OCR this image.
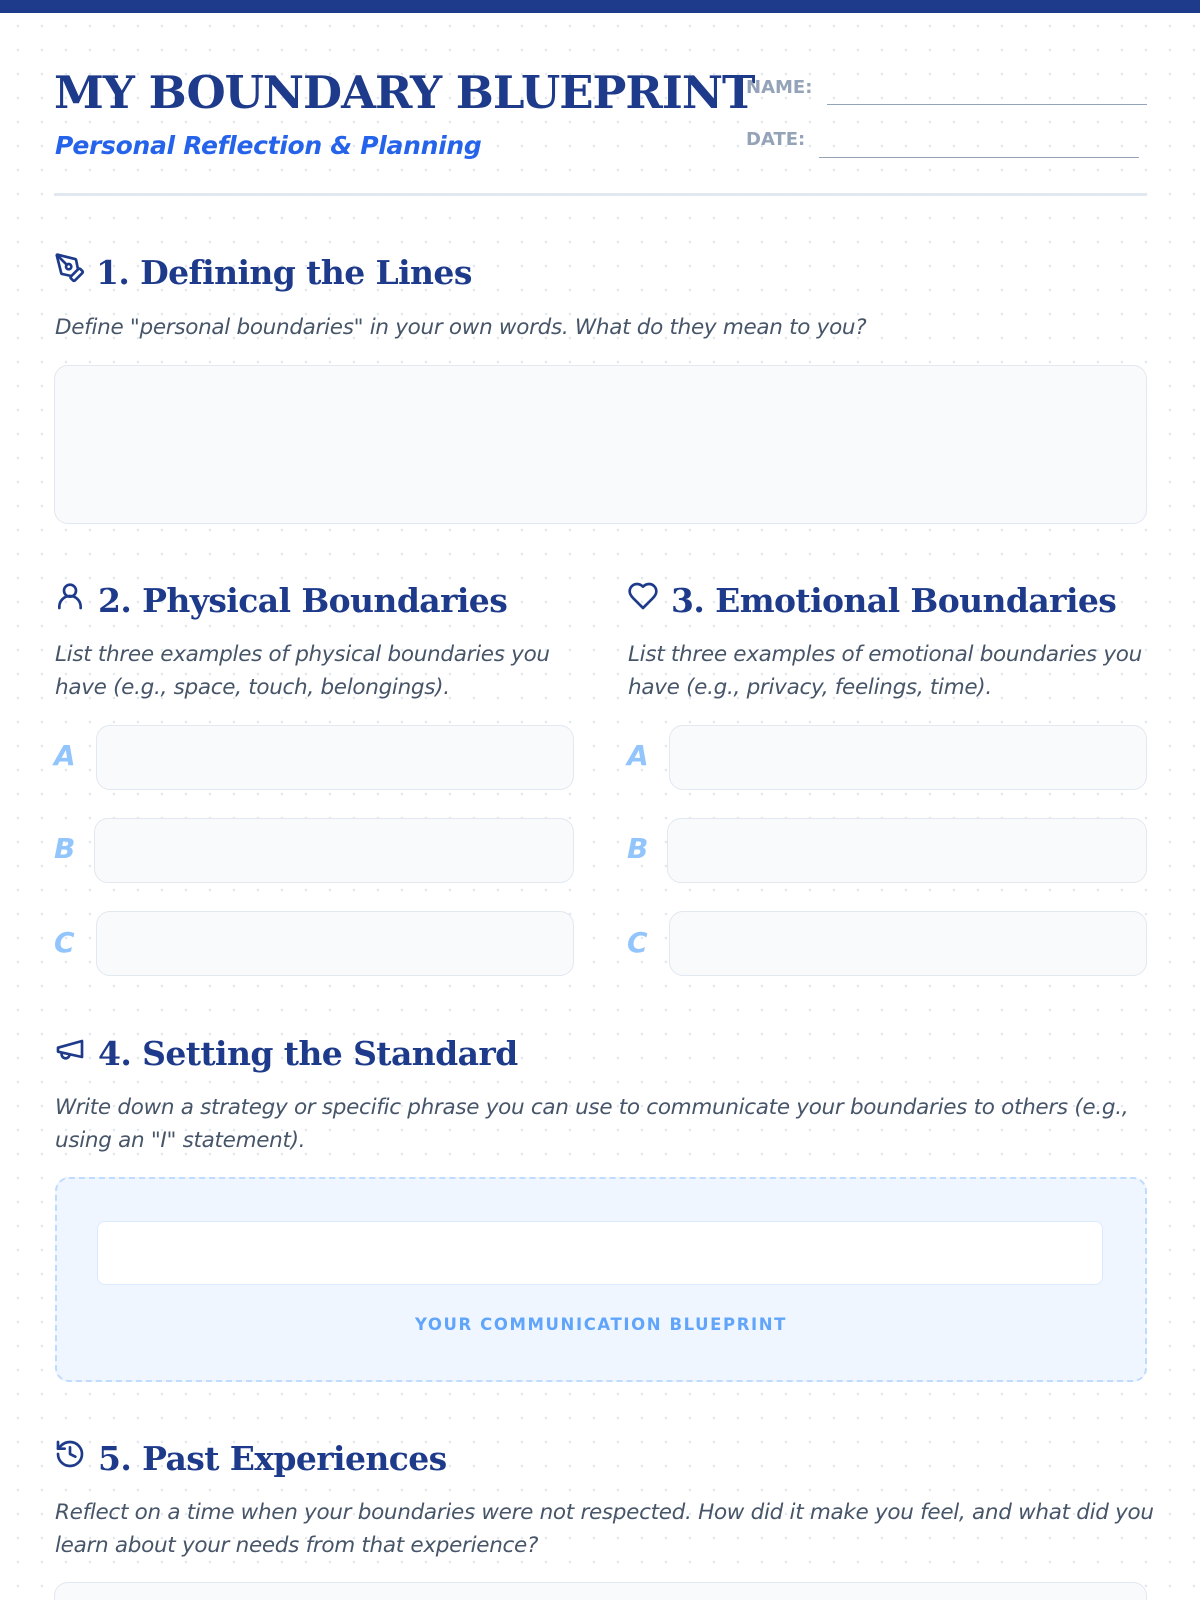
MY BOUNDARY BLUEPRINT
Personal Reflection & Planning
NAME:
DATE:
1. Defining the Lines
Define "personal boundaries" in your own words. What do they mean to you?
2. Physical Boundaries
List three examples of physical boundaries you have (e.g., space, touch, belongings).
A
B
C
3. Emotional Boundaries
List three examples of emotional boundaries you have (e.g., privacy, feelings, time).
A
B
C
4. Setting the Standard
Write down a strategy or specific phrase you can use to communicate your boundaries to others (e.g., using an "I" statement).
YOUR COMMUNICATION BLUEPRINT
5. Past Experiences
Reflect on a time when your boundaries were not respected. How did it make you feel, and what did you learn about your needs from that experience?
